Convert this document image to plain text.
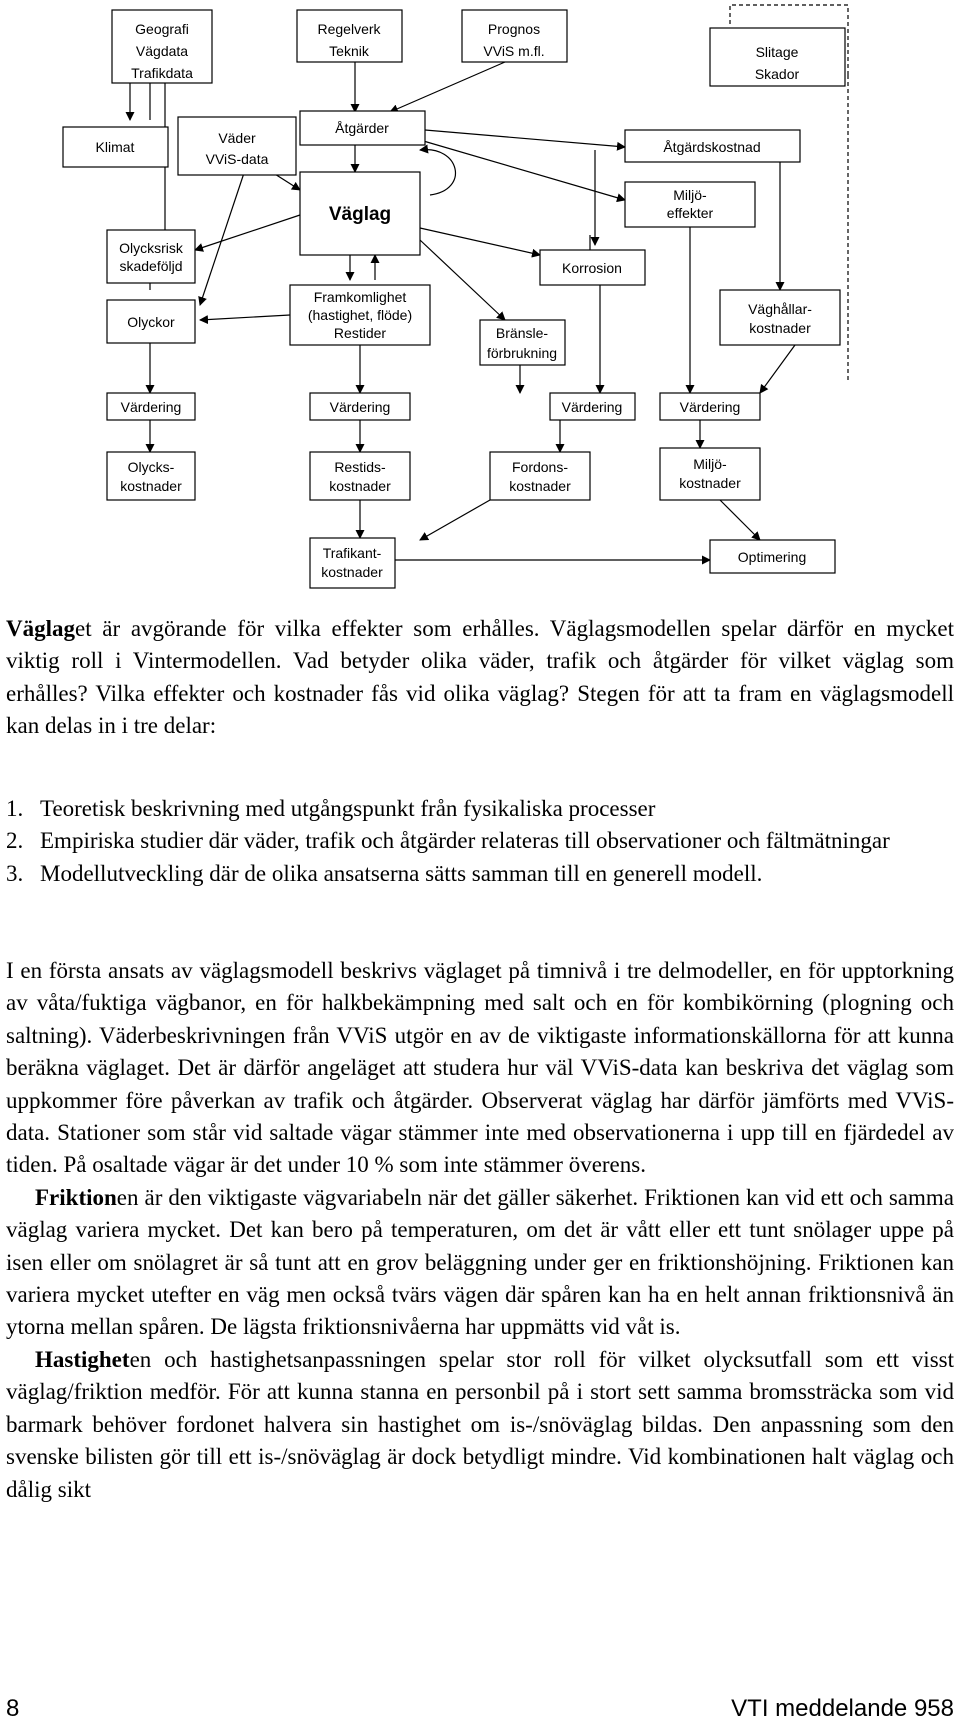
Geografi Vägdata Trafikdata
Regelverk Teknik
Prognos VViS m.fl.	Slitage Skador
Klimat
Väder VViS-data
Åtgärder
Åtgärdskostnad
Väglag
Miljö-effekter
Olycksrisk skadeföljd	Korrosion
Olyckor
Framkomlighet (hastighet, flöde) Restider	Bränsle-förbrukning
Väghållar-kostnader
Värdering	Värdering	Värdering	Värdering
Olycks-kostnader
Restids-kostnader
Fordons-kostnader
Miljö-kostnader
Trafikant-kostnader
Optimering

Väglaget är avgörande för vilka effekter som erhålles. Väglagsmodellen spelar därför en mycket viktig roll i Vintermodellen. Vad betyder olika väder, trafik och åtgärder för vilket väglag som erhålles? Vilka effekter och kostnader fås vid olika väglag? Stegen för att ta fram en väglagsmodell kan delas in i tre delar:

1. Teoretisk beskrivning med utgångspunkt från fysikaliska processer
2. Empiriska studier där väder, trafik och åtgärder relateras till observationer och fältmätningar
3. Modellutveckling där de olika ansatserna sätts samman till en generell modell.

I en första ansats av väglagsmodell beskrivs väglaget på timnivå i tre delmodeller, en för upptorkning av våta/fuktiga vägbanor, en för halkbekämpning med salt och en för kombikörning (plogning och saltning). Väderbeskrivningen från VViS utgör en av de viktigaste informationskällorna för att kunna beräkna väglaget. Det är därför angeläget att studera hur väl VViS-data kan beskriva det väglag som uppkommer före påverkan av trafik och åtgärder. Observerat väglag har därför jämförts med VViS-data. Stationer som står vid saltade vägar stämmer inte med observationerna i upp till en fjärdedel av tiden. På osaltade vägar är det under 10 % som inte stämmer överens.

Friktionen är den viktigaste vägvariabeln när det gäller säkerhet. Friktionen kan vid ett och samma väglag variera mycket. Det kan bero på temperaturen, om det är vått eller ett tunt snölager uppe på isen eller om snölagret är så tunt att en grov beläggning under ger en friktionshöjning. Friktionen kan variera mycket utefter en väg men också tvärs vägen där spåren kan ha en helt annan friktionsnivå än ytorna mellan spåren. De lägsta friktionsnivåerna har uppmätts vid våt is.

Hastigheten och hastighetsanpassningen spelar stor roll för vilket olycksutfall som ett visst väglag/friktion medför. För att kunna stanna en personbil på i stort sett samma bromssträcka som vid barmark behöver fordonet halvera sin hastighet om is-/snöväglag bildas. Den anpassning som den svenske bilisten gör till ett is-/snöväglag är dock betydligt mindre. Vid kombinationen halt väglag och dålig sikt

8	VTI meddelande 958
